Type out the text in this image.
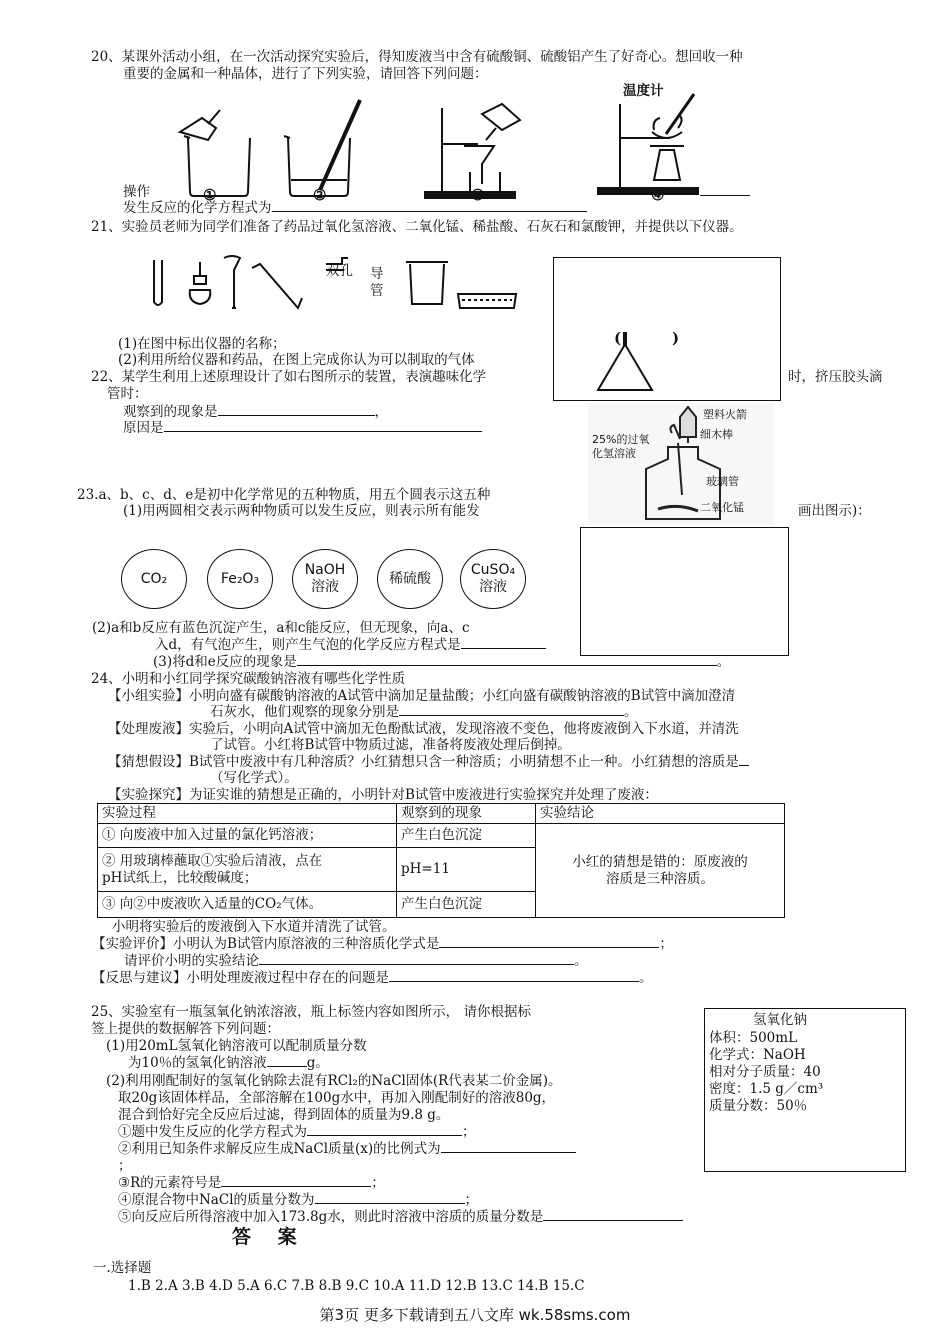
20、某课外活动小组，在一次活动探究实验后，得知废液当中含有硫酸铜、硫酸铝产生了好奇心。想回收一种
重要的金属和一种晶体，进行了下列实验，请回答下列问题：
温度计
①	②	③	④
操作
发生反应的化学方程式为
21、实验员老师为同学们准备了药品过氧化氢溶液、二氧化锰、稀盐酸、石灰石和氯酸钾，并提供以下仪器。
双孔 导
管
(	)
(1)在图中标出仪器的名称；
(2)利用所给仪器和药品，在图上完成你认为可以制取的气体
22、某学生利用上述原理设计了如右图所示的装置，表演趣味化学	时，挤压胶头滴
管时：
观察到的现象是	，
原因是
塑料火箭
细木棒
25%的过氧
化氢溶液
玻璃管
二氧化锰
23.a、b、c、d、e是初中化学常见的五种物质，用五个圆表示这五种
(1)用两圆相交表示两种物质可以发生反应，则表示所有能发	画出图示)：
CO₂	Fe₂O₃
NaOH
溶液
稀硫酸
CuSO₄
溶液
(2)a和b反应有蓝色沉淀产生，a和c能反应，但无现象，向a、c
入d，有气泡产生，则产生气泡的化学反应方程式是
(3)将d和e反应的现象是	。
24、小明和小红同学探究碳酸钠溶液有哪些化学性质
【小组实验】小明向盛有碳酸钠溶液的A试管中滴加足量盐酸；小红向盛有碳酸钠溶液的B试管中滴加澄清
石灰水，他们观察的现象分别是	。
【处理废液】实验后，小明向A试管中滴加无色酚酞试液，发现溶液不变色，他将废液倒入下水道，并清洗
了试管。小红将B试管中物质过滤，准备将废液处理后倒掉。
【猜想假设】B试管中废液中有几种溶质？小红猜想只含一种溶质；小明猜想不止一种。小红猜想的溶质是
（写化学式）。
【实验探究】为证实谁的猜想是正确的，小明针对B试管中废液进行实验探究并处理了废液：
实验过程	观察到的现象	实验结论
① 向废液中加入过量的氯化钙溶液；	产生白色沉淀	小红的猜想是错的：原废液的
溶质是三种溶质。
② 用玻璃棒蘸取①实验后清液，点在
pH试纸上，比较酸碱度；	pH=11	
③ 向②中废液吹入适量的CO₂气体。	产生白色沉淀	
小明将实验后的废液倒入下水道并清洗了试管。
【实验评价】小明认为B试管内原溶液的三种溶质化学式是	；
请评价小明的实验结论	。
【反思与建议】小明处理废液过程中存在的问题是	。
25、实验室有一瓶氢氧化钠浓溶液，瓶上标签内容如图所示， 请你根据标
签上提供的数据解答下列问题：
(1)用20mL氢氧化钠溶液可以配制质量分数
为10％的氢氧化钠溶液	g。
(2)利用刚配制好的氢氧化钠除去混有RCl₂的NaCl固体(R代表某二价金属)。
取20g该固体样品，全部溶解在100g水中，再加入刚配制好的溶液80g，
混合到恰好完全反应后过滤，得到固体的质量为9.8 g。
①题中发生反应的化学方程式为	；
②利用已知条件求解反应生成NaCl质量(x)的比例式为
；
③R的元素符号是	；
④原混合物中NaCl的质量分数为	；
⑤向反应后所得溶液中加入173.8g水，则此时溶液中溶质的质量分数是
氢氧化钠
体积：500mL
化学式：NaOH
相对分子质量：40
密度：1.5 g／cm³
质量分数：50％
答 案
一.选择题
1.B 2.A 3.B 4.D 5.A 6.C 7.B 8.B 9.C 10.A 11.D 12.B 13.C 14.B 15.C
第3页 更多下载请到五八文库 wk.58sms.com
